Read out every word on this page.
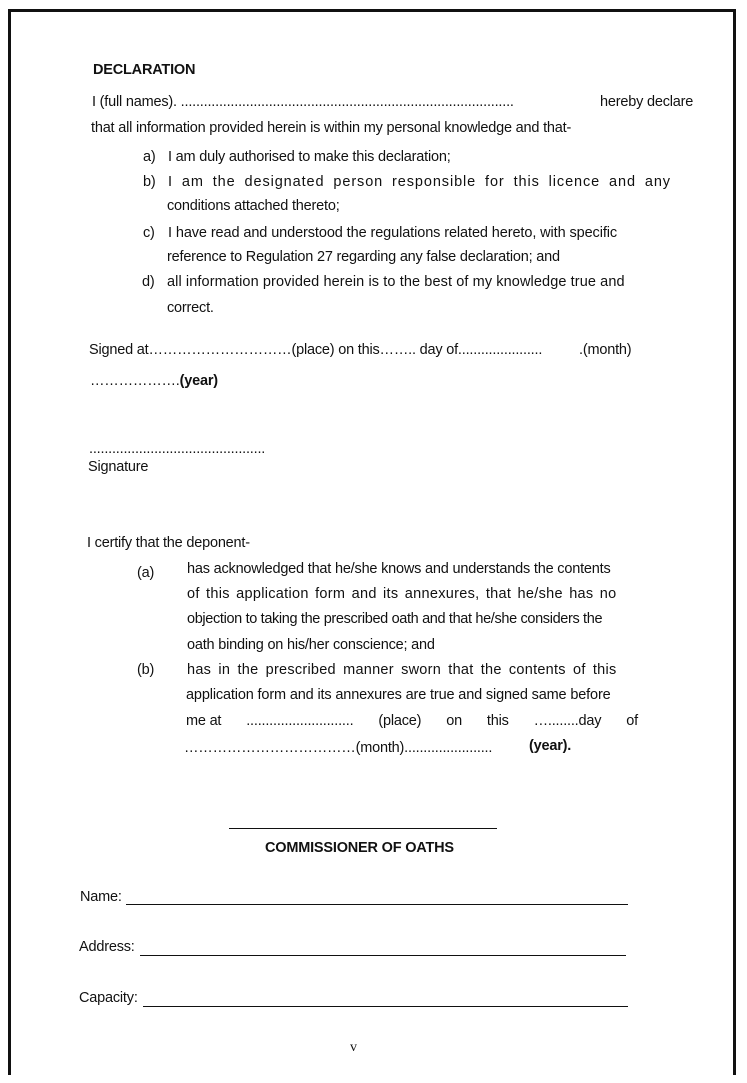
DECLARATION
I (full names). .......................................................................................	hereby declare
that all information provided herein is within my personal knowledge and that-
a) I am duly authorised to make this declaration;
b) I am the designated person responsible for this licence and any
conditions attached thereto;
c) I have read and understood the regulations related hereto, with specific
reference to Regulation 27 regarding any false declaration; and
d) all information provided herein is to the best of my knowledge true and
correct.
Signed at…………………………(place) on this…….. day of......................	.(month)
……………….(year)
..............................................
Signature
I certify that the deponent-
(a) has acknowledged that he/she knows and understands the contents
of this application form and its annexures, that he/she has no
objection to taking the prescribed oath and that he/she considers the
oath binding on his/her conscience; and
(b) has in the prescribed manner sworn that the contents of this
application form and its annexures are true and signed same before
me at ............................ (place) on this …........day of
………………………………(month).......................	(year).
COMMISSIONER OF OATHS
Name:
Address:
Capacity:
v
